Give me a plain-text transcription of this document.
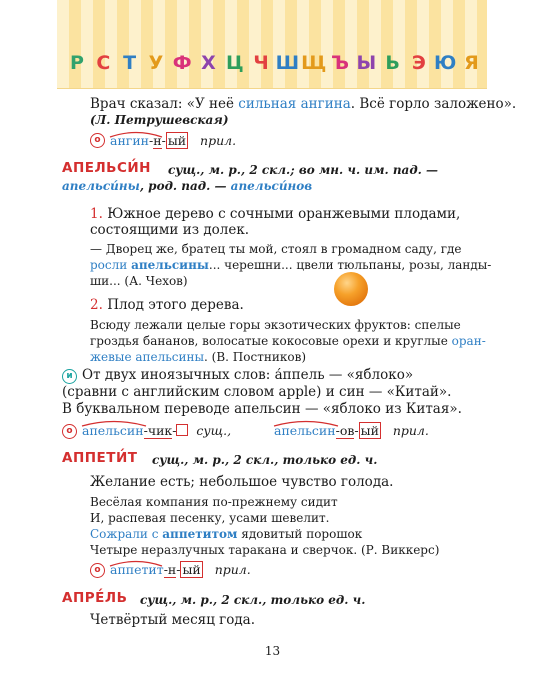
Р С Т У Ф Х Ц Ч Ш Щ Ъ Ы Ь Э Ю Я
Врач сказал: «У неё сильная ангина. Всё горло заложено».
(Л. Петрушевская)
о ангин-н- ый прил.
АПЕЛЬСИ́Н сущ., м. р., 2 скл.; во мн. ч. им. пад. —
апельси́ны, род. пад. — апельси́нов
1. Южное дерево с сочными оранжевыми плодами,
состоящими из долек.
— Дворец же, братец ты мой, стоял в громадном саду, где
росли апельсины... черешни... цвели тюльпаны, розы, ланды-
ши... (А. Чехов)
2. Плод этого дерева.
Всюду лежали целые горы экзотических фруктов: спелые
гроздья бананов, волосатые кокосовые орехи и круглые оран-
жевые апельсины. (В. Постников)
и От двух иноязычных слов: а́ппель — «яблоко»
(сравни с английским словом apple) и син — «Китай».
В буквальном переводе апельсин — «яблоко из Китая».
о апельсин-чик- сущ.,	апельсин-ов- ый прил.
АППЕТИ́Т сущ., м. р., 2 скл., только ед. ч.
Желание есть; небольшое чувство голода.
Весёлая компания по-прежнему сидит
И, распевая песенку, усами шевелит.
Сожрали с аппетитом ядовитый порошок
Четыре неразлучных таракана и сверчок. (Р. Виккерс)
о аппетит-н- ый прил.
АПРЕ́ЛЬ сущ., м. р., 2 скл., только ед. ч.
Четвёртый месяц года.
13
